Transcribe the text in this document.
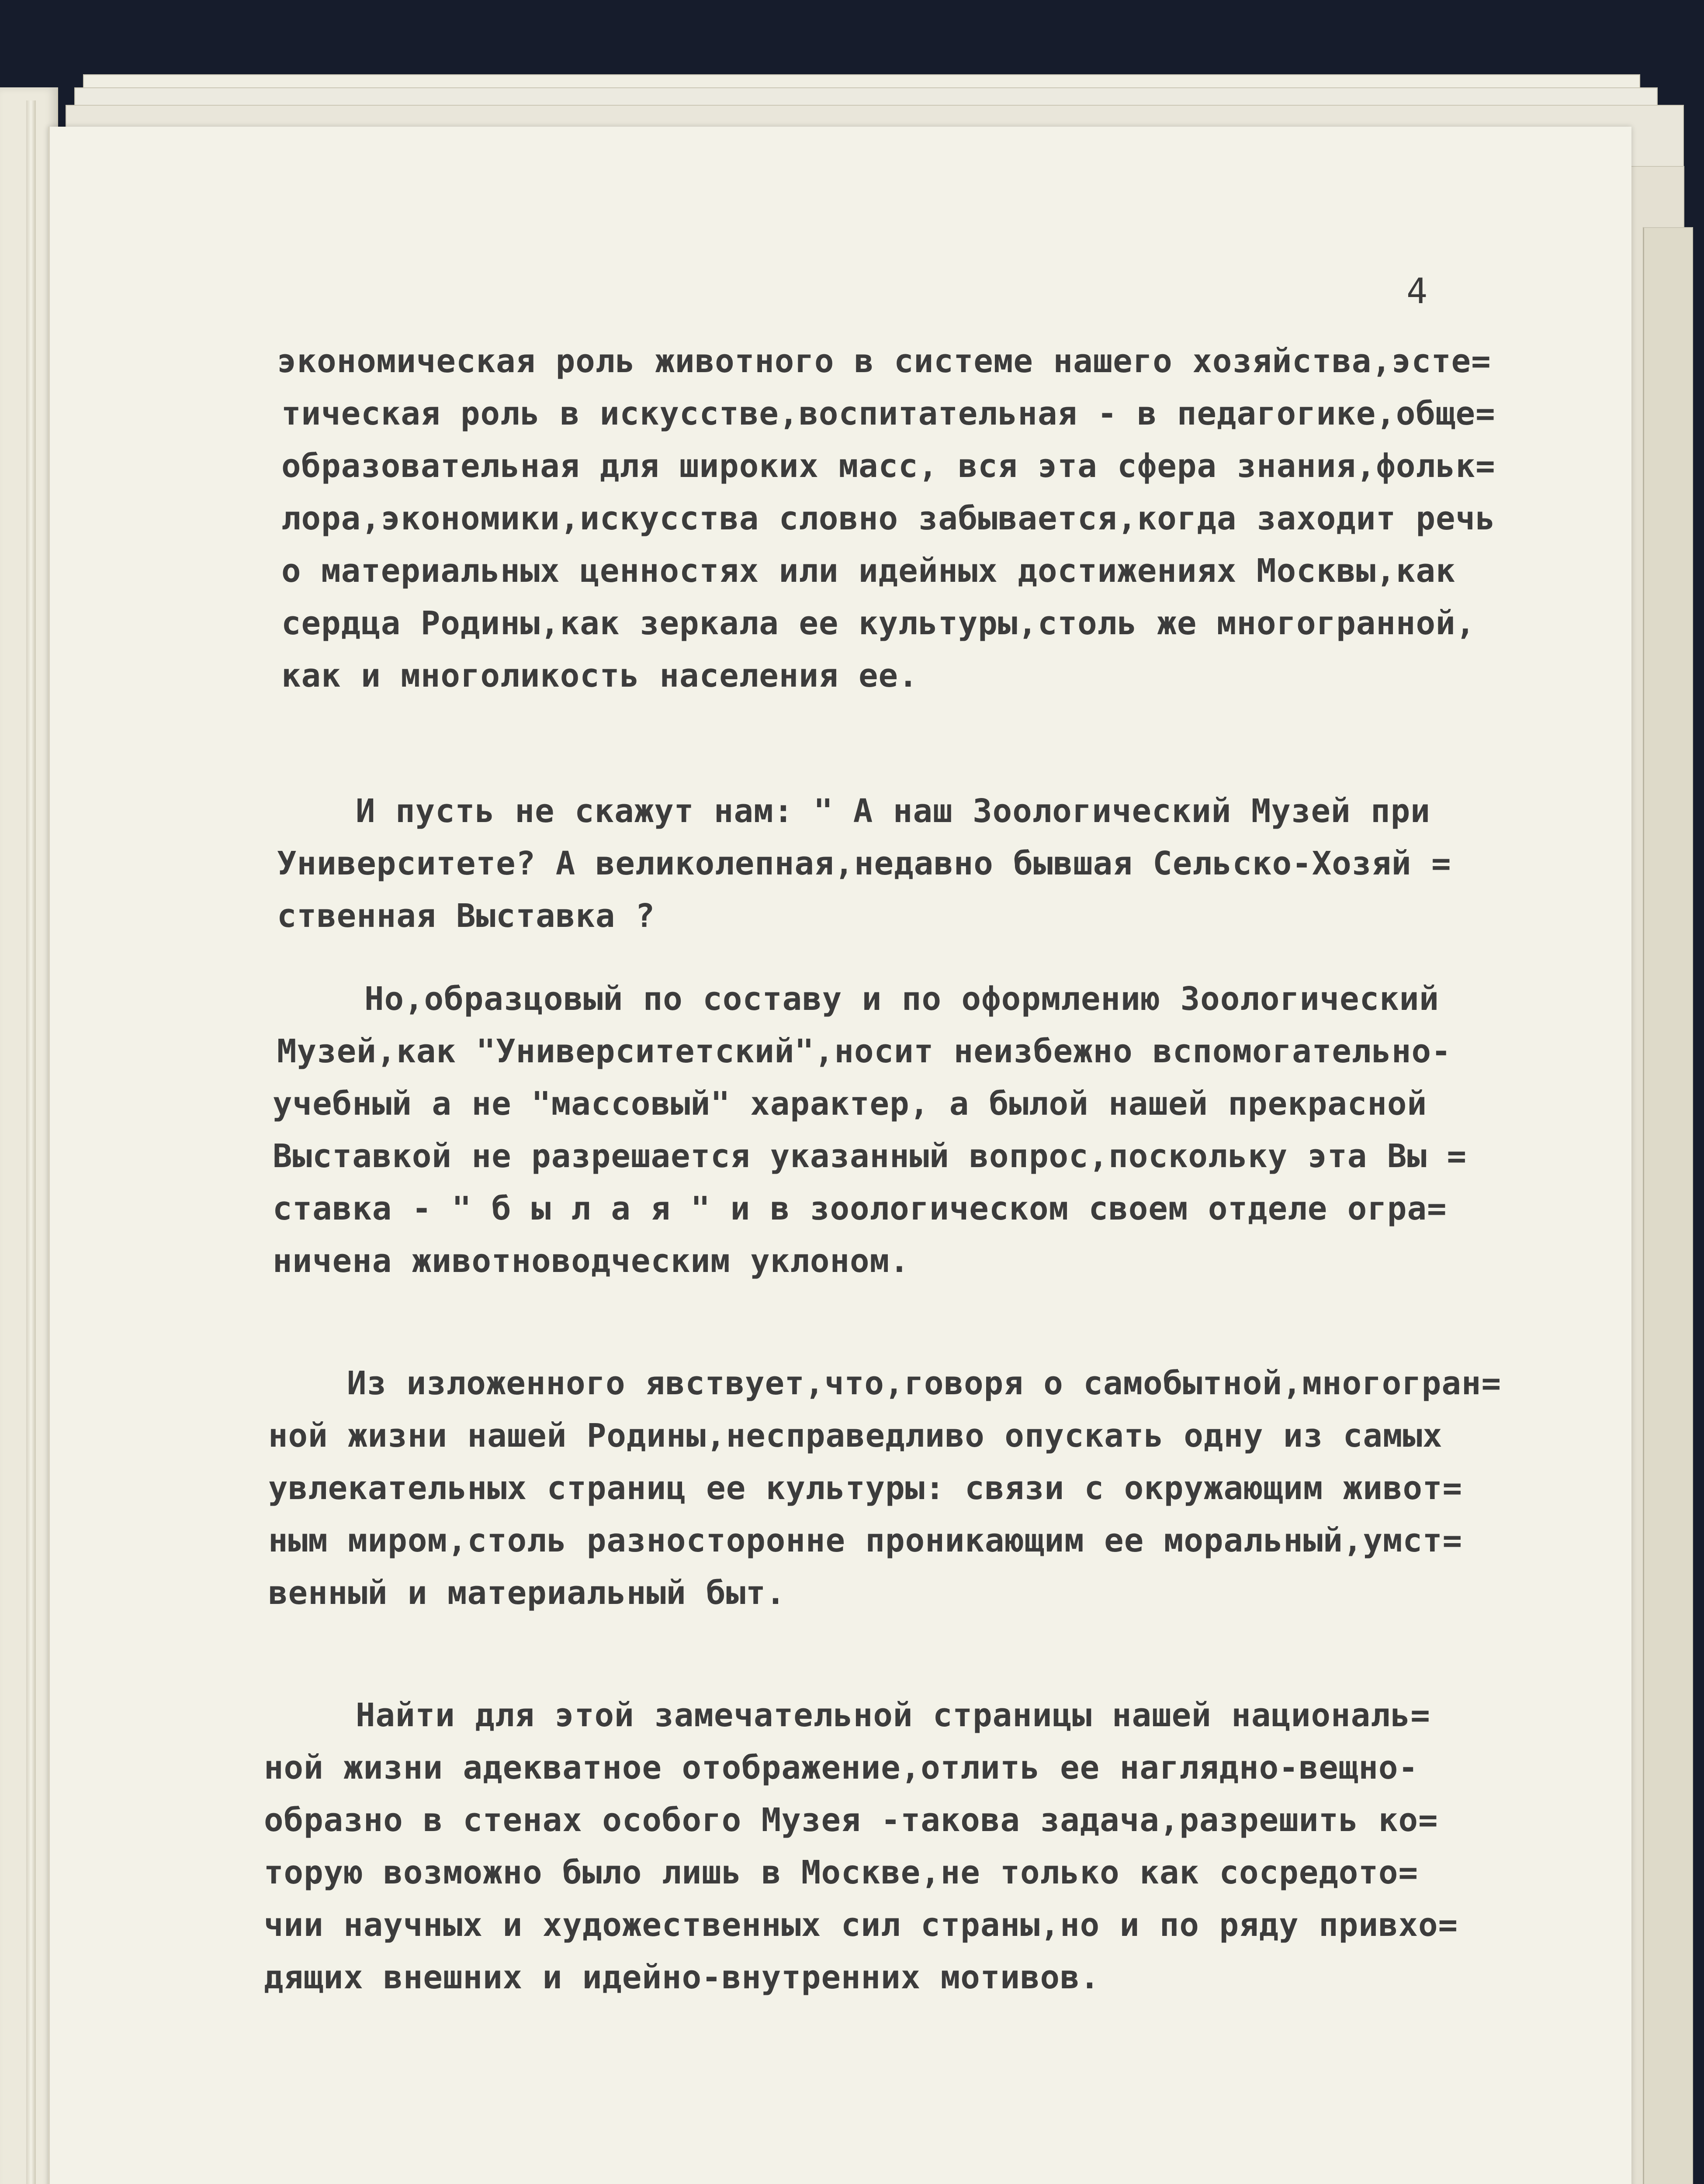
4
экономическая роль животного в системе нашего хозяйства,эсте=
тическая роль в искусстве,воспитательная - в педагогике,обще=
образовательная для широких масс, вся эта сфера знания,фольк=
лора,экономики,искусства словно забывается,когда заходит речь
о материальных ценностях или идейных достижениях Москвы,как
сердца Родины,как зеркала ее культуры,столь же многогранной,
как и многоликость населения ее.
И пусть не скажут нам: " А наш Зоологический Музей при
Университете? А великолепная,недавно бывшая Сельско-Хозяй =
ственная Выставка ?
Но,образцовый по составу и по оформлению Зоологический
Музей,как "Университетский",носит неизбежно вспомогательно-
учебный а не "массовый" характер, а былой нашей прекрасной
Выставкой не разрешается указанный вопрос,поскольку эта Вы =
ставка - " б ы л а я " и в зоологическом своем отделе огра=
ничена животноводческим уклоном.
Из изложенного явствует,что,говоря о самобытной,многогран=
ной жизни нашей Родины,несправедливо опускать одну из самых
увлекательных страниц ее культуры: связи с окружающим живот=
ным миром,столь разносторонне проникающим ее моральный,умст=
венный и материальный быт.
Найти для этой замечательной страницы нашей националь=
ной жизни адекватное отображение,отлить ее наглядно-вещно-
образно в стенах особого Музея -такова задача,разрешить ко=
торую возможно было лишь в Москве,не только как сосредото=
чии научных и художественных сил страны,но и по ряду привхо=
дящих внешних и идейно-внутренних мотивов.
